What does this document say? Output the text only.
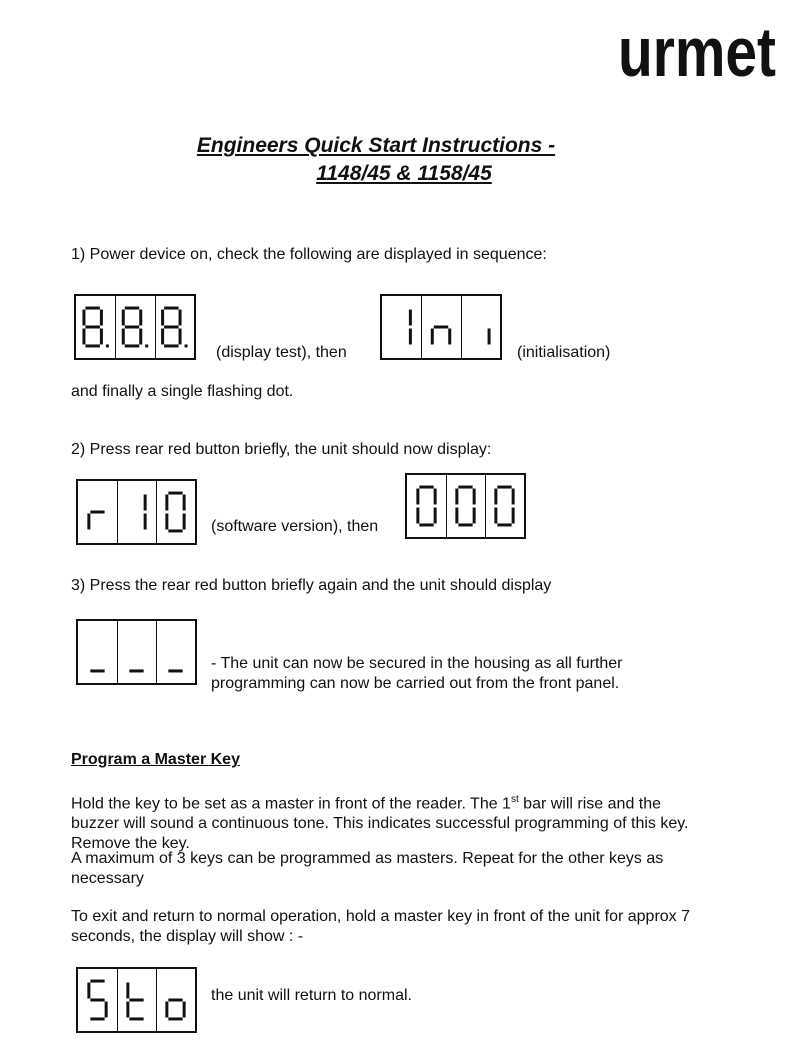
urmet
Engineers Quick Start Instructions -
1148/45 & 1158/45
1) Power device on, check the following are displayed in sequence:
(display test), then	(initialisation)
and finally a single flashing dot.
2) Press rear red button briefly, the unit should now display:
(software version), then
3) Press the rear red button briefly again and the unit should display
- The unit can now be secured in the housing as all further
programming can now be carried out from the front panel.
Program a Master Key
Hold the key to be set as a master in front of the reader. The 1st bar will rise and the buzzer will sound a continuous tone. This indicates successful programming of this key. Remove the key.
A maximum of 3 keys can be programmed as masters. Repeat for the other keys as necessary
To exit and return to normal operation, hold a master key in front of the unit for approx 7 seconds, the display will show : -
the unit will return to normal.
